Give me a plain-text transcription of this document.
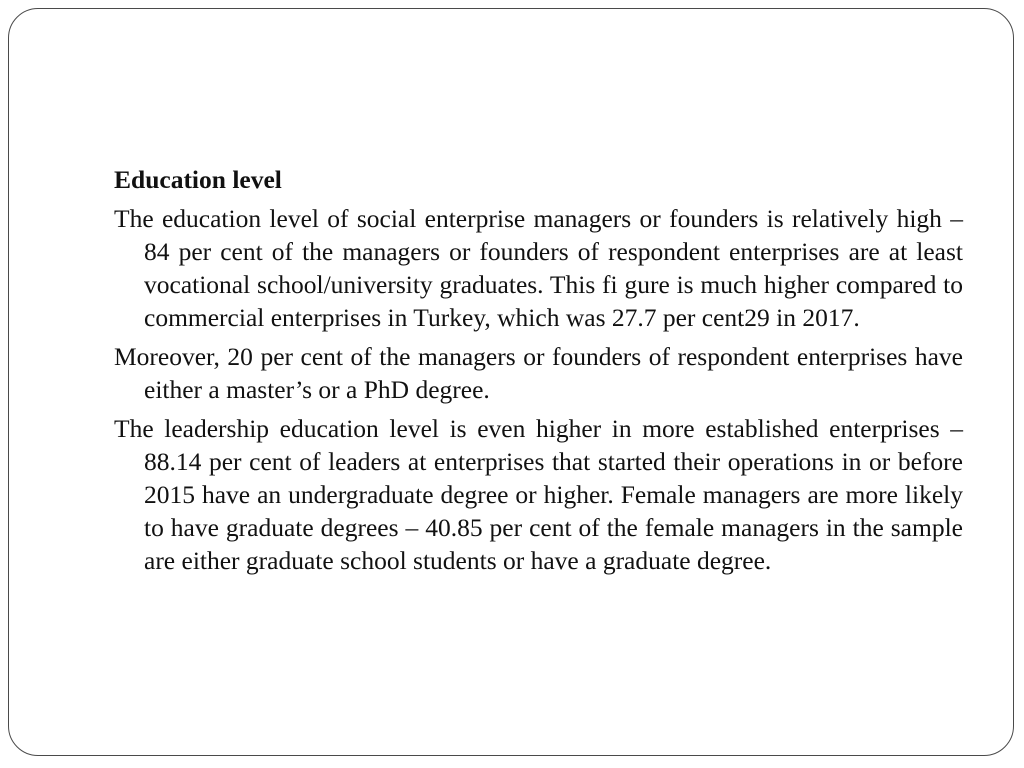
Education level

The education level of social enterprise managers or founders is relatively high – 84 per cent of the managers or founders of respondent enterprises are at least vocational school/university graduates. This fi gure is much higher compared to commercial enterprises in Turkey, which was 27.7 per cent29 in 2017.

Moreover, 20 per cent of the managers or founders of respondent enterprises have either a master’s or a PhD degree.

The leadership education level is even higher in more established enterprises – 88.14 per cent of leaders at enterprises that started their operations in or before 2015 have an undergraduate degree or higher. Female managers are more likely to have graduate degrees – 40.85 per cent of the female managers in the sample are either graduate school students or have a graduate degree.
